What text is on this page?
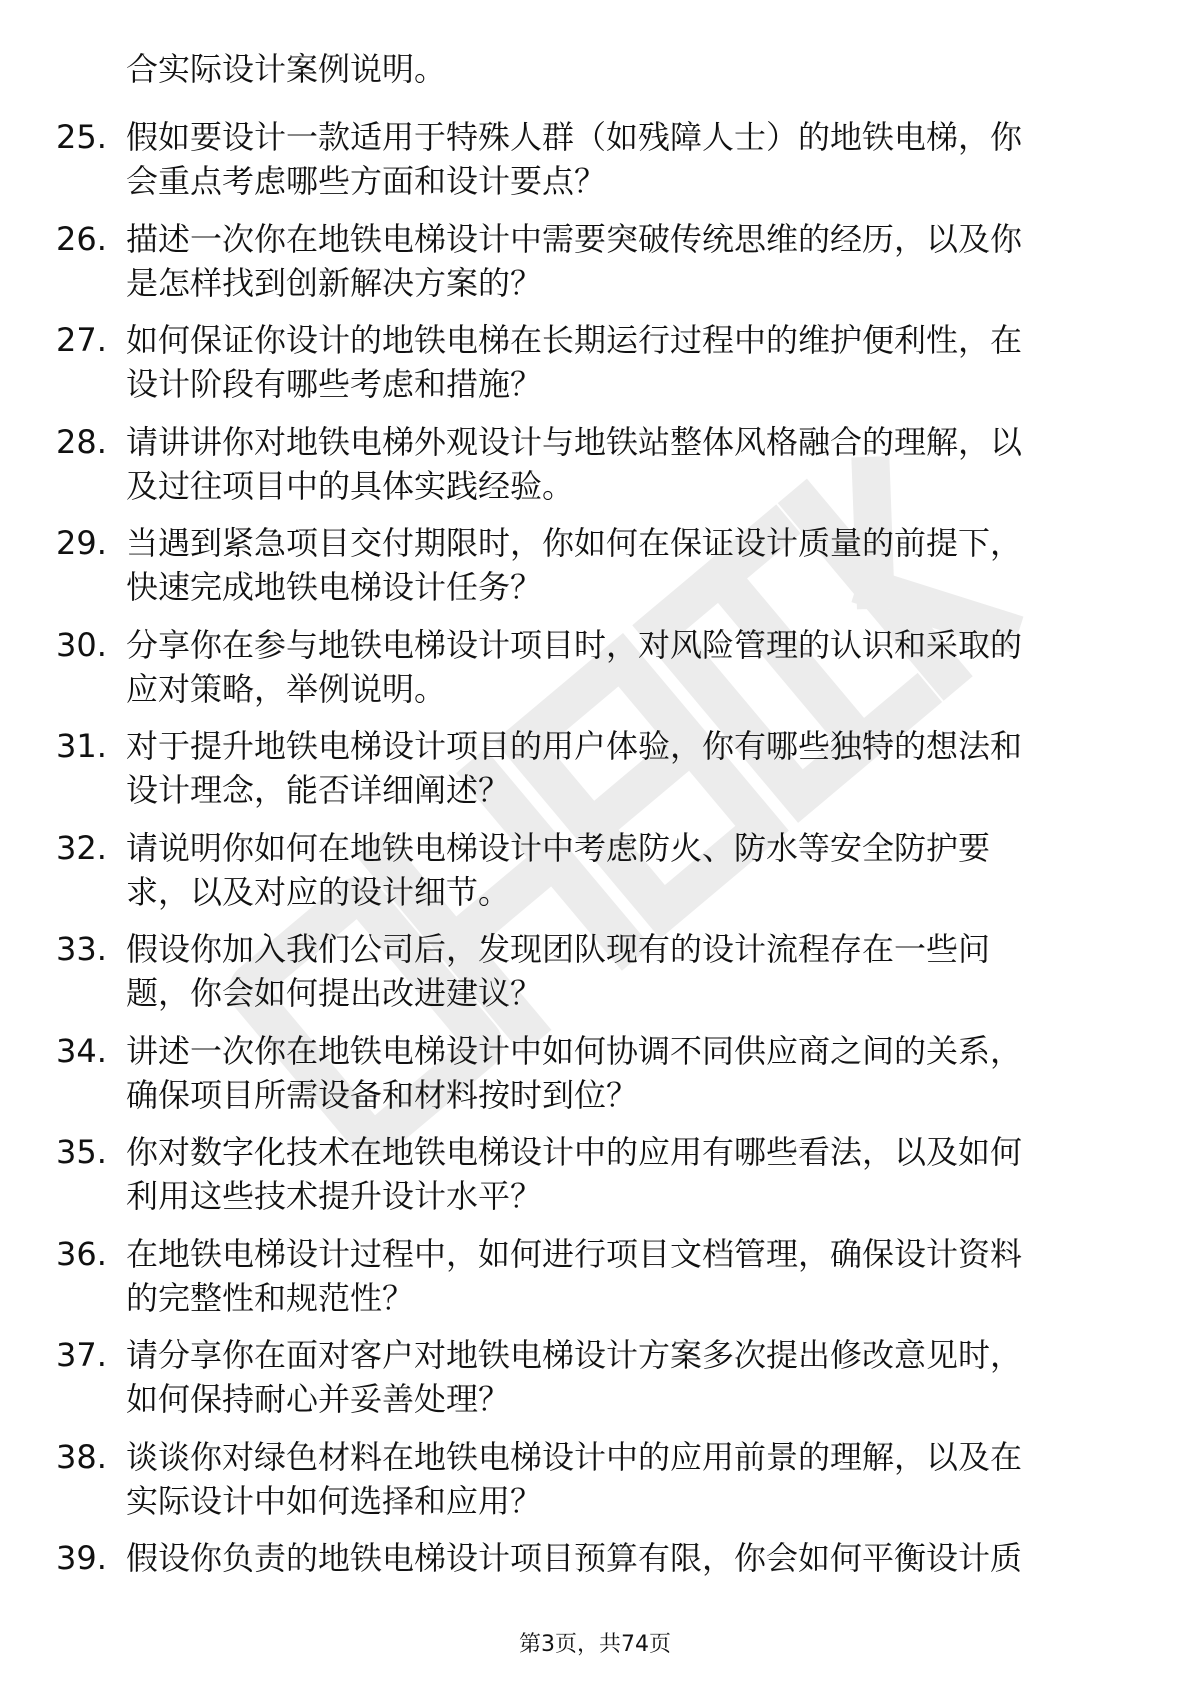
合实际设计案例说明。
25. 假如要设计一款适用于特殊人群（如残障人士）的地铁电梯，你
会重点考虑哪些方面和设计要点？
26. 描述一次你在地铁电梯设计中需要突破传统思维的经历，以及你
是怎样找到创新解决方案的？
27. 如何保证你设计的地铁电梯在长期运行过程中的维护便利性，在
设计阶段有哪些考虑和措施？
28. 请讲讲你对地铁电梯外观设计与地铁站整体风格融合的理解，以
及过往项目中的具体实践经验。
29. 当遇到紧急项目交付期限时，你如何在保证设计质量的前提下，
快速完成地铁电梯设计任务？
30. 分享你在参与地铁电梯设计项目时，对风险管理的认识和采取的
应对策略，举例说明。
31. 对于提升地铁电梯设计项目的用户体验，你有哪些独特的想法和
设计理念，能否详细阐述？
32. 请说明你如何在地铁电梯设计中考虑防火、防水等安全防护要
求，以及对应的设计细节。
33. 假设你加入我们公司后，发现团队现有的设计流程存在一些问
题，你会如何提出改进建议？
34. 讲述一次你在地铁电梯设计中如何协调不同供应商之间的关系，
确保项目所需设备和材料按时到位？
35. 你对数字化技术在地铁电梯设计中的应用有哪些看法，以及如何
利用这些技术提升设计水平？
36. 在地铁电梯设计过程中，如何进行项目文档管理，确保设计资料
的完整性和规范性？
37. 请分享你在面对客户对地铁电梯设计方案多次提出修改意见时，
如何保持耐心并妥善处理？
38. 谈谈你对绿色材料在地铁电梯设计中的应用前景的理解，以及在
实际设计中如何选择和应用？
39. 假设你负责的地铁电梯设计项目预算有限，你会如何平衡设计质
第3页，共74页
